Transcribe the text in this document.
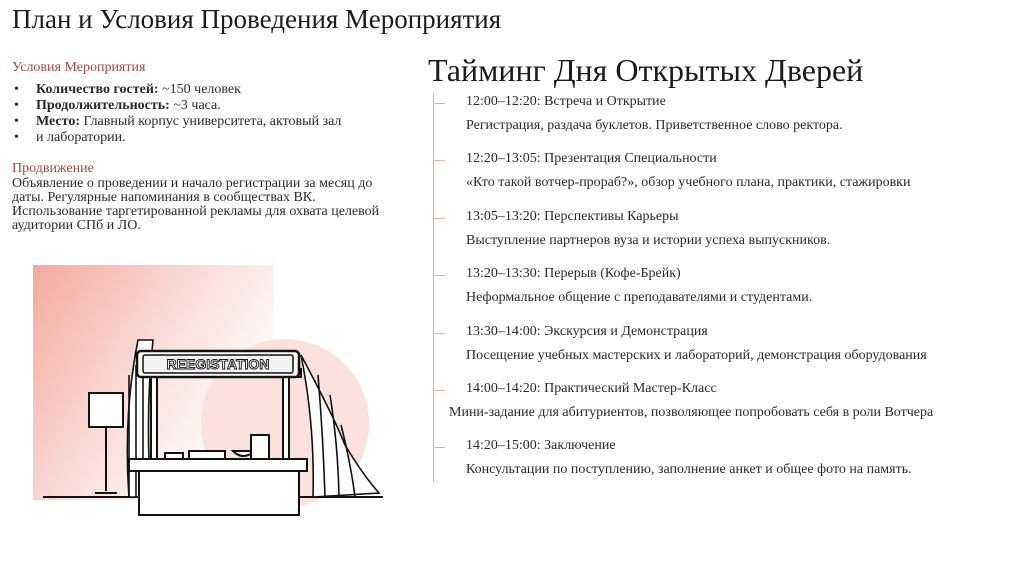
План и Условия Проведения Мероприятия
Условия Мероприятия
• Количество гостей: ~150 человек
• Продолжительность: ~3 часа.
• Место: Главный корпус университета, актовый зал
• и лаборатории.
Продвижение
Объявление о проведении и начало регистрации за месяц до даты. Регулярные напоминания в сообществах ВК. Использование таргетированной рекламы для охвата целевой аудитории СПб и ЛО.
REEGISTATION
Тайминг Дня Открытых Дверей
12:00–12:20: Встреча и Открытие
Регистрация, раздача буклетов. Приветственное слово ректора.
12:20–13:05: Презентация Специальности
«Кто такой вотчер-прораб?», обзор учебного плана, практики, стажировки
13:05–13:20: Перспективы Карьеры
Выступление партнеров вуза и истории успеха выпускников.
13:20–13:30: Перерыв (Кофе-Брейк)
Неформальное общение с преподавателями и студентами.
13:30–14:00: Экскурсия и Демонстрация
Посещение учебных мастерских и лабораторий, демонстрация оборудования
14:00–14:20: Практический Мастер-Класс
Мини-задание для абитуриентов, позволяющее попробовать себя в роли Вотчера
14:20–15:00: Заключение
Консультации по поступлению, заполнение анкет и общее фото на память.
